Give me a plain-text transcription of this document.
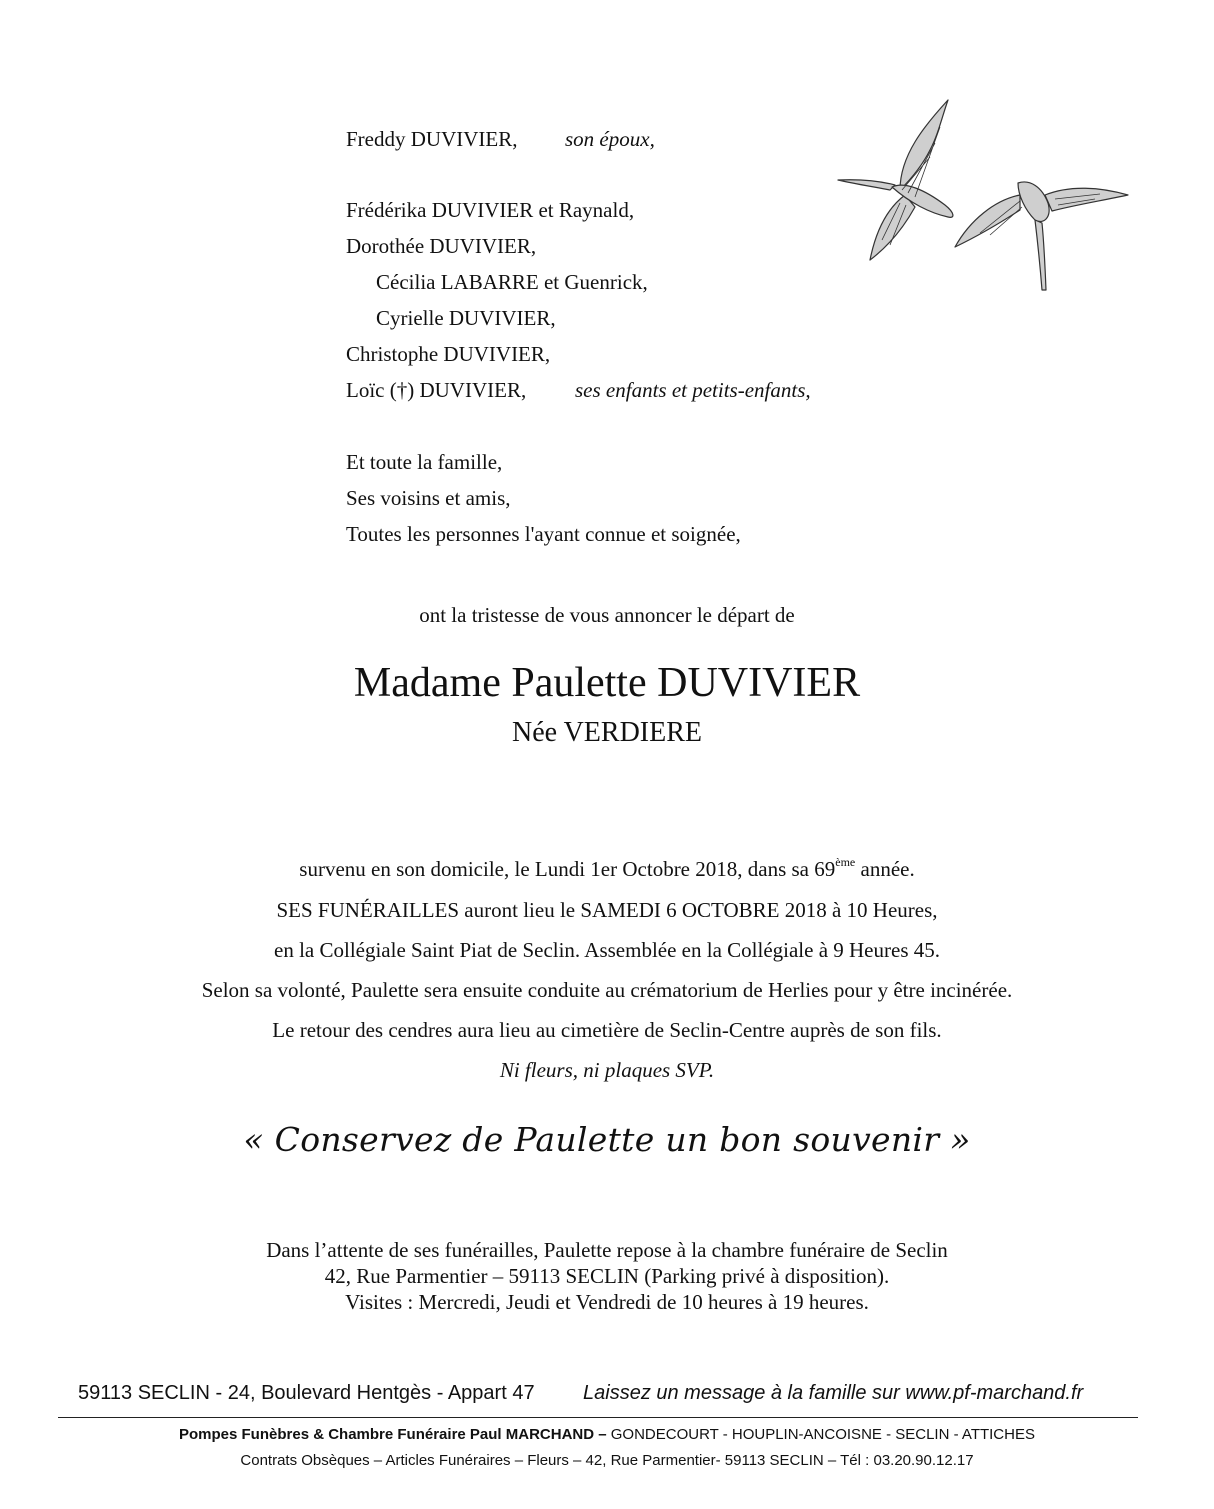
Freddy DUVIVIER, son époux,
Frédérika DUVIVIER et Raynald,
Dorothée DUVIVIER,
Cécilia LABARRE et Guenrick,
Cyrielle DUVIVIER,
Christophe DUVIVIER,
Loïc (†) DUVIVIER, ses enfants et petits-enfants,
Et toute la famille,
Ses voisins et amis,
Toutes les personnes l'ayant connue et soignée,
ont la tristesse de vous annoncer le départ de
Madame Paulette DUVIVIER
Née VERDIERE
survenu en son domicile, le Lundi 1er Octobre 2018, dans sa 69ème année.
SES FUNÉRAILLES auront lieu le SAMEDI 6 OCTOBRE 2018 à 10 Heures,
en la Collégiale Saint Piat de Seclin. Assemblée en la Collégiale à 9 Heures 45.
Selon sa volonté, Paulette sera ensuite conduite au crématorium de Herlies pour y être incinérée.
Le retour des cendres aura lieu au cimetière de Seclin-Centre auprès de son fils.
Ni fleurs, ni plaques SVP.
« Conservez de Paulette un bon souvenir »
Dans l’attente de ses funérailles, Paulette repose à la chambre funéraire de Seclin
42, Rue Parmentier – 59113 SECLIN (Parking privé à disposition).
Visites : Mercredi, Jeudi et Vendredi de 10 heures à 19 heures.
59113 SECLIN - 24, Boulevard Hentgès - Appart 47 Laissez un message à la famille sur www.pf-marchand.fr
Pompes Funèbres & Chambre Funéraire Paul MARCHAND – GONDECOURT - HOUPLIN-ANCOISNE - SECLIN - ATTICHES
Contrats Obsèques – Articles Funéraires – Fleurs – 42, Rue Parmentier- 59113 SECLIN – Tél : 03.20.90.12.17
